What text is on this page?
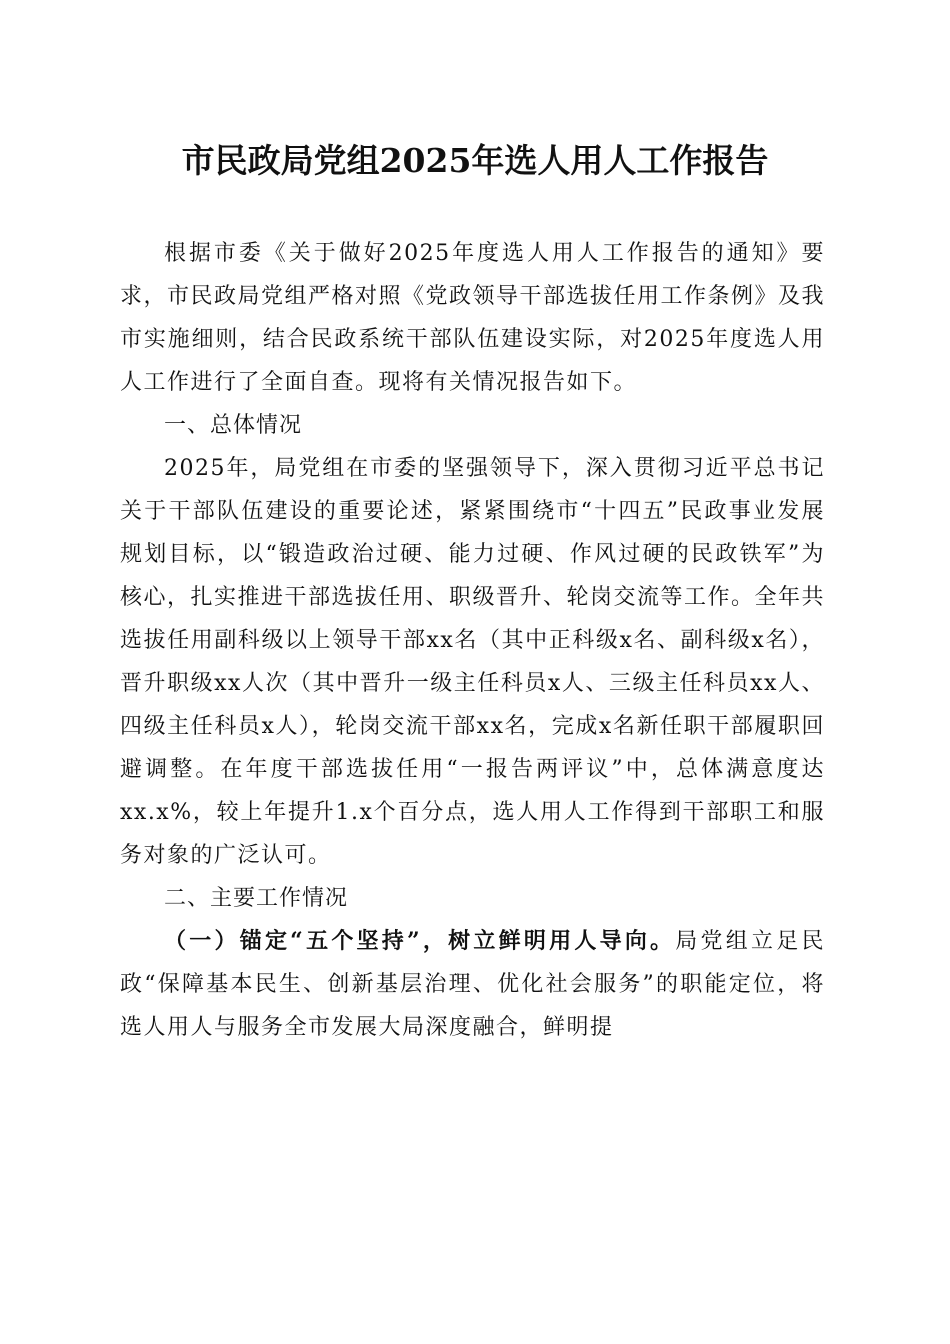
市民政局党组2025年选人用人工作报告

根据市委《关于做好2025年度选人用人工作报告的通知》要求，市民政局党组严格对照《党政领导干部选拔任用工作条例》及我市实施细则，结合民政系统干部队伍建设实际，对2025年度选人用人工作进行了全面自查。现将有关情况报告如下。

一、总体情况

2025年，局党组在市委的坚强领导下，深入贯彻习近平总书记关于干部队伍建设的重要论述，紧紧围绕市“十四五”民政事业发展规划目标，以“锻造政治过硬、能力过硬、作风过硬的民政铁军”为核心，扎实推进干部选拔任用、职级晋升、轮岗交流等工作。全年共选拔任用副科级以上领导干部xx名（其中正科级x名、副科级x名），晋升职级xx人次（其中晋升一级主任科员x人、三级主任科员xx人、四级主任科员x人），轮岗交流干部xx名，完成x名新任职干部履职回避调整。在年度干部选拔任用“一报告两评议”中，总体满意度达xx.x%，较上年提升1.x个百分点，选人用人工作得到干部职工和服务对象的广泛认可。

二、主要工作情况

（一）锚定“五个坚持”，树立鲜明用人导向。局党组立足民政“保障基本民生、创新基层治理、优化社会服务”的职能定位，将选人用人与服务全市发展大局深度融合，鲜明提
